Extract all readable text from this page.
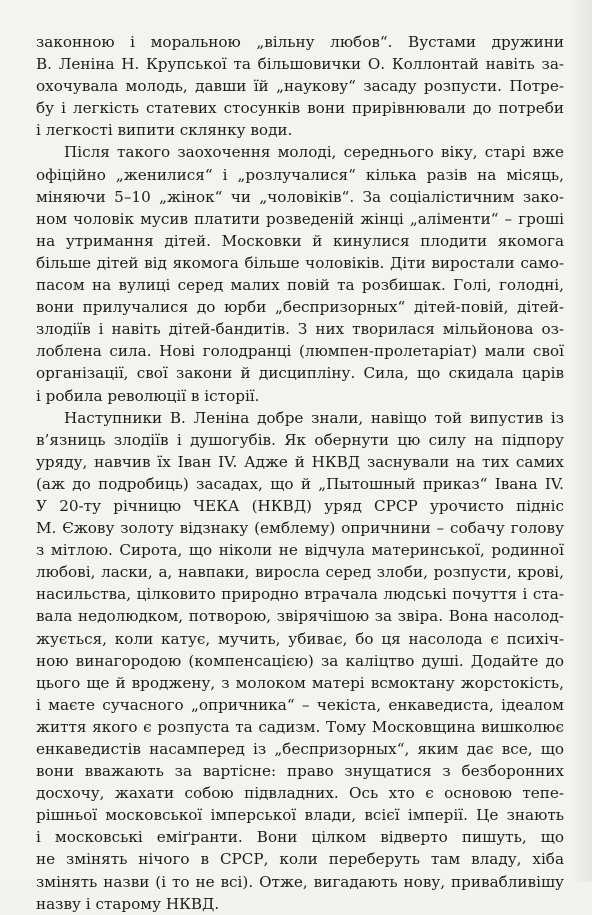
законною і моральною „вільну любов“. Вустами дружини
В. Леніна Н. Крупської та більшовички О. Коллонтай навіть за-
охочувала молодь, давши їй „наукову“ засаду розпусти. Потре-
бу і легкість статевих стосунків вони прирівнювали до потреби
і легкості випити склянку води.
Після такого заохочення молоді, середнього віку, старі вже
офіційно „женилися“ і „розлучалися“ кілька разів на місяць,
міняючи 5–10 „жінок“ чи „чоловіків“. За соціалістичним зако-
ном чоловік мусив платити розведеній жінці „аліменти“ – гроші
на утримання дітей. Московки й кинулися плодити якомога
більше дітей від якомога більше чоловіків. Діти виростали само-
пасом на вулиці серед малих повій та розбишак. Голі, голодні,
вони прилучалися до юрби „беспризорных“ дітей-повій, дітей-
злодіїв і навіть дітей-бандитів. З них творилася мільйонова оз-
лоблена сила. Нові голодранці (люмпен-пролетаріат) мали свої
організації, свої закони й дисципліну. Сила, що скидала царів
і робила революції в історії.
Наступники В. Леніна добре знали, навіщо той випустив із
в’язниць злодіїв і душогубів. Як обернути цю силу на підпору
уряду, навчив їх Іван IV. Адже й НКВД заснували на тих самих
(аж до подробиць) засадах, що й „Пытошный приказ“ Івана IV.
У 20-ту річницю ЧЕКА (НКВД) уряд СРСР урочисто підніс
М. Єжову золоту відзнаку (емблему) опричнини – собачу голову
з мітлою. Сирота, що ніколи не відчула материнської, родинної
любові, ласки, а, навпаки, виросла серед злоби, розпусти, крові,
насильства, цілковито природно втрачала людські почуття і ста-
вала недолюдком, потворою, звірячішою за звіра. Вона насолод-
жується, коли катує, мучить, убиває, бо ця насолода є психіч-
ною винагородою (компенсацією) за каліцтво душі. Додайте до
цього ще й вроджену, з молоком матері всмоктану жорстокість,
і маєте сучасного „опричника“ – чекіста, енкаведиста, ідеалом
життя якого є розпуста та садизм. Тому Московщина вишколює
енкаведистів насамперед із „беспризорных“, яким дає все, що
вони вважають за вартісне: право знущатися з безборонних
досхочу, жахати собою підвладних. Ось хто є основою тепе-
рішньої московської імперської влади, всієї імперії. Це знають
і московські еміґранти. Вони цілком відверто пишуть, що
не змінять нічого в СРСР, коли переберуть там владу, хіба
змінять назви (і то не всі). Отже, вигадають нову, привабливішу
назву і старому НКВД.
